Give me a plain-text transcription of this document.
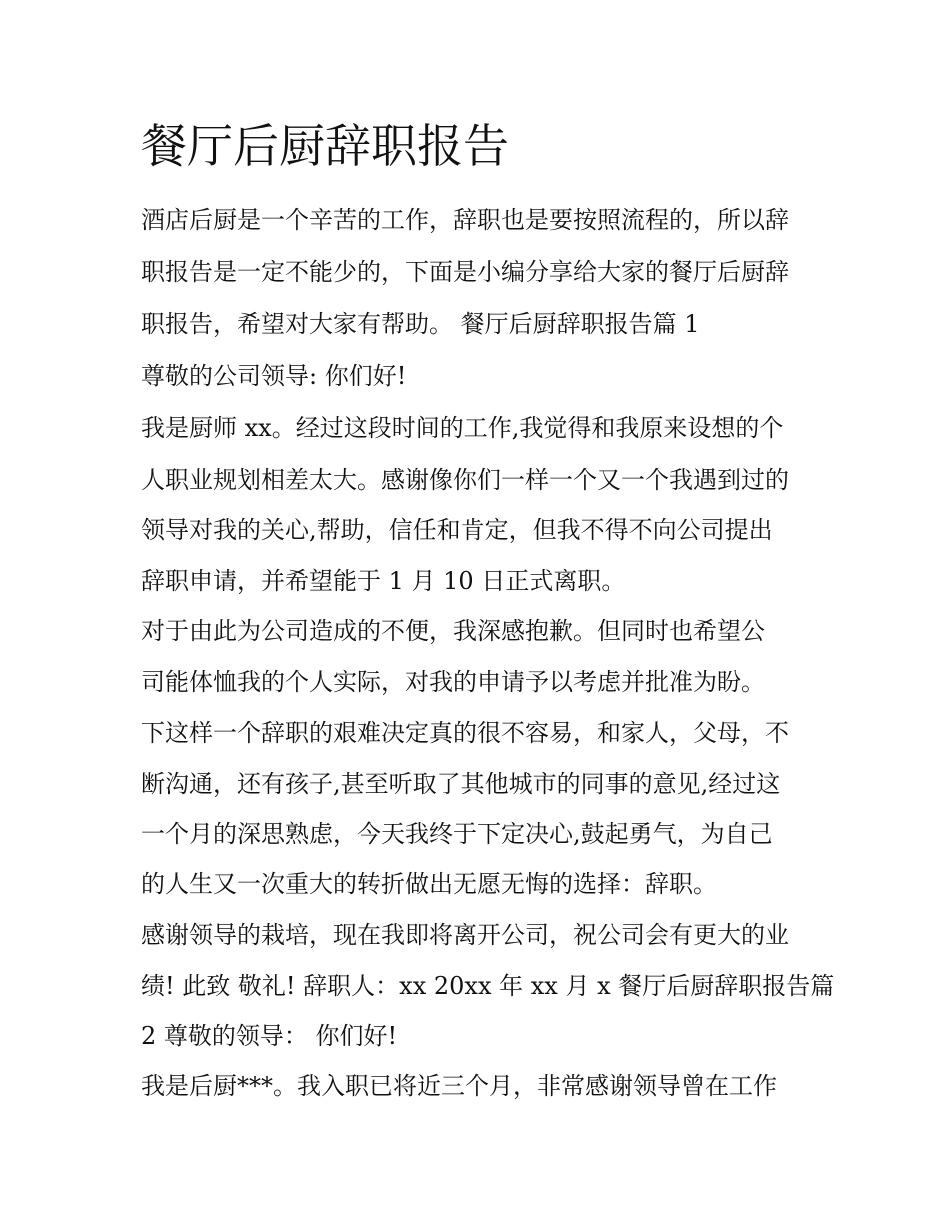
餐厅后厨辞职报告
酒店后厨是一个辛苦的工作，辞职也是要按照流程的，所以辞
职报告是一定不能少的，下面是小编分享给大家的餐厅后厨辞
职报告，希望对大家有帮助。 餐厅后厨辞职报告篇 1
尊敬的公司领导: 你们好!
我是厨师 xx。经过这段时间的工作,我觉得和我原来设想的个
人职业规划相差太大。感谢像你们一样一个又一个我遇到过的
领导对我的关心,帮助，信任和肯定，但我不得不向公司提出
辞职申请，并希望能于 1 月 10 日正式离职。
对于由此为公司造成的不便，我深感抱歉。但同时也希望公
司能体恤我的个人实际，对我的申请予以考虑并批准为盼。
下这样一个辞职的艰难决定真的很不容易，和家人，父母，不
断沟通，还有孩子,甚至听取了其他城市的同事的意见,经过这
一个月的深思熟虑，今天我终于下定决心,鼓起勇气，为自己
的人生又一次重大的转折做出无愿无悔的选择：辞职。
感谢领导的栽培，现在我即将离开公司，祝公司会有更大的业
绩! 此致 敬礼! 辞职人：xx 20xx 年 xx 月 x 餐厅后厨辞职报告篇
2 尊敬的领导： 你们好!
我是后厨***。我入职已将近三个月，非常感谢领导曾在工作
